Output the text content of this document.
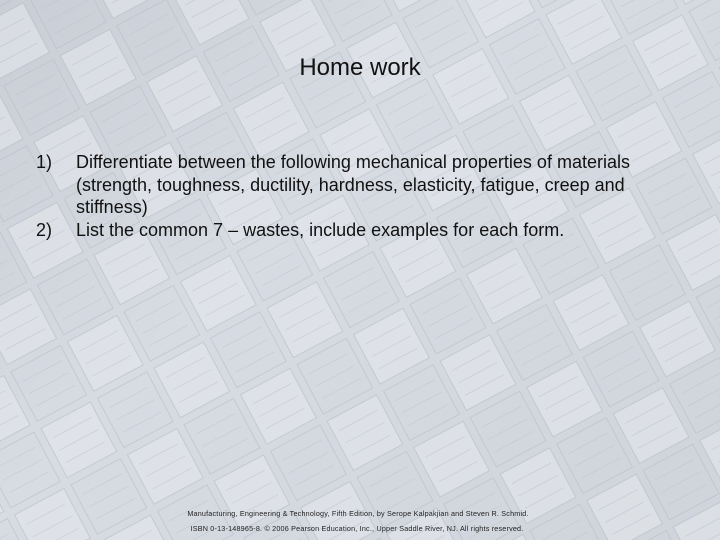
Home work
1)	Differentiate between the following mechanical properties of materials (strength, toughness, ductility, hardness, elasticity, fatigue, creep and stiffness)
2)	List the common 7 – wastes, include examples for each form.
Manufacturing, Engineering & Technology, Fifth Edition, by Serope Kalpakjian and Steven R. Schmid.
ISBN 0-13-148965-8. © 2006 Pearson Education, Inc., Upper Saddle River, NJ. All rights reserved.
